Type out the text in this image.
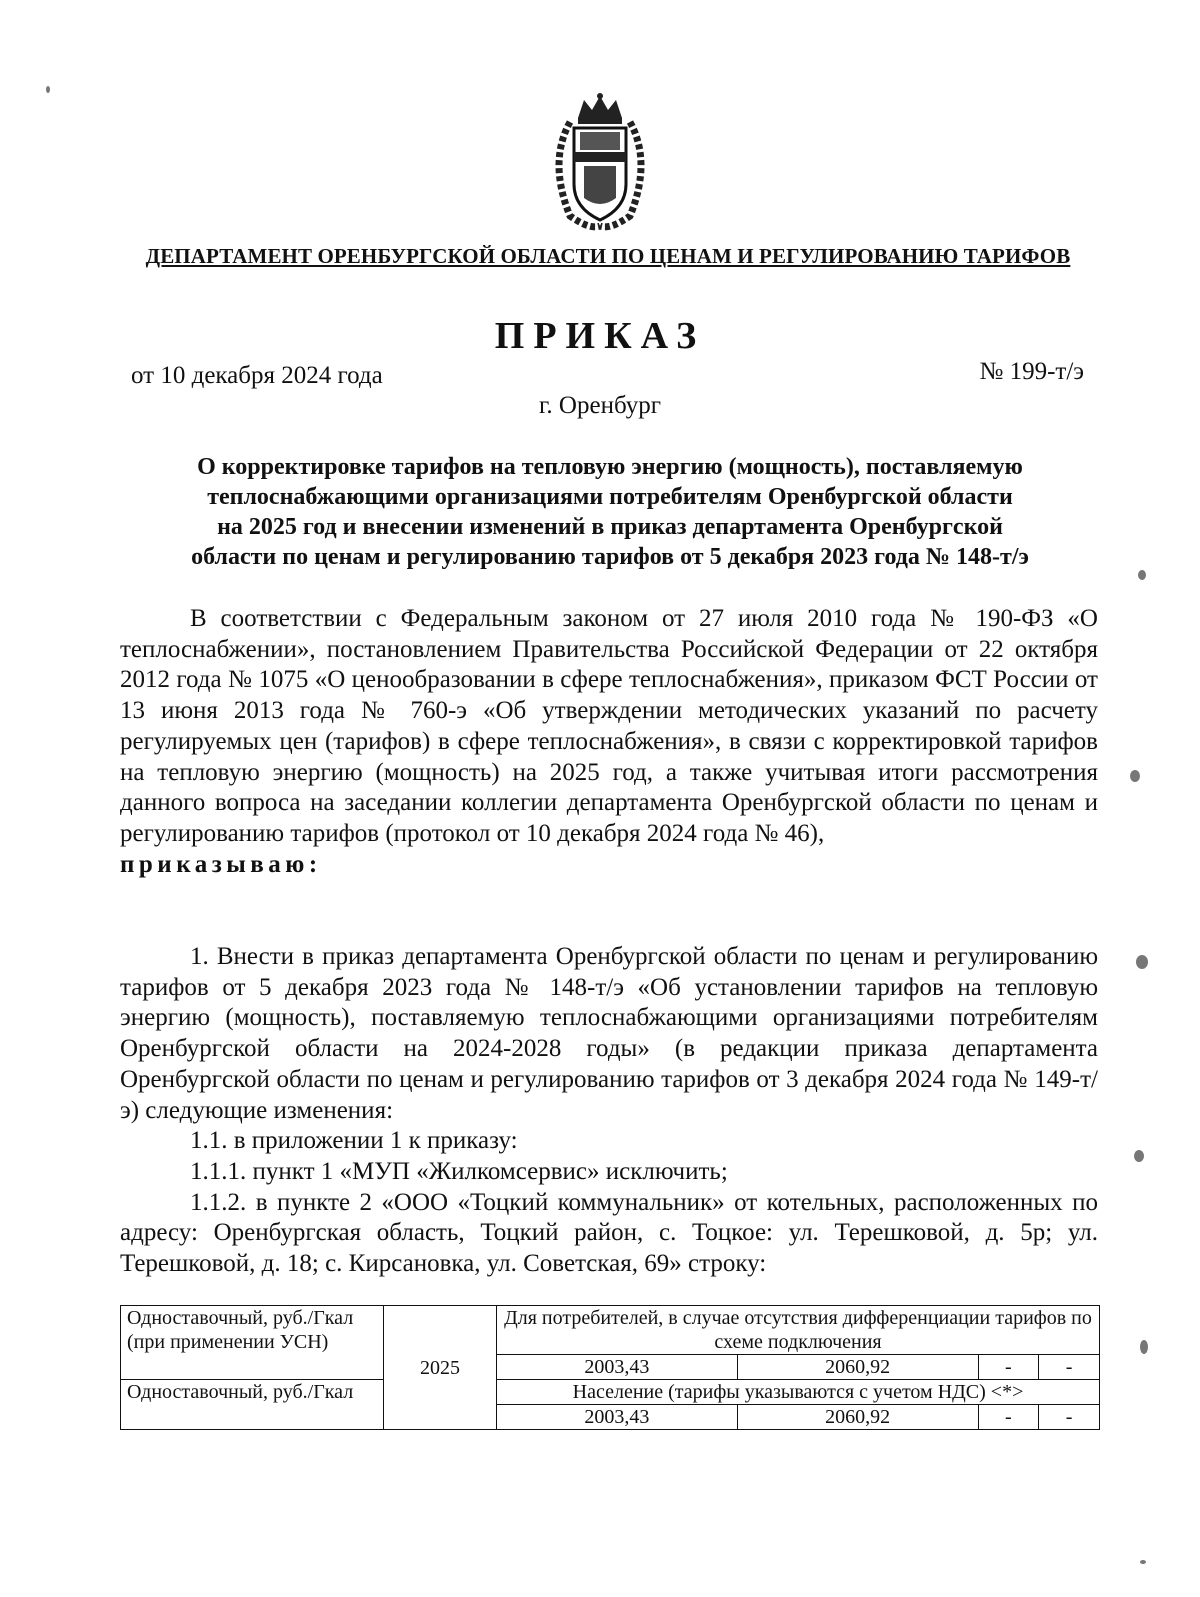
ДЕПАРТАМЕНТ ОРЕНБУРГСКОЙ ОБЛАСТИ ПО ЦЕНАМ И РЕГУЛИРОВАНИЮ ТАРИФОВ
ПРИКАЗ
от 10 декабря 2024 года	№ 199-т/э
г. Оренбург
О корректировке тарифов на тепловую энергию (мощность), поставляемую
теплоснабжающими организациями потребителям Оренбургской области
на 2025 год и внесении изменений в приказ департамента Оренбургской
области по ценам и регулированию тарифов от 5 декабря 2023 года № 148-т/э
В соответствии с Федеральным законом от 27 июля 2010 года № 190-ФЗ «О теплоснабжении», постановлением Правительства Российской Федерации от 22 октября 2012 года № 1075 «О ценообразовании в сфере теплоснабжения», приказом ФСТ России от 13 июня 2013 года № 760-э «Об утверждении методических указаний по расчету регулируемых цен (тарифов) в сфере теплоснабжения», в связи с корректировкой тарифов на тепловую энергию (мощность) на 2025 год, а также учитывая итоги рассмотрения данного вопроса на заседании коллегии департамента Оренбургской области по ценам и регулированию тарифов (протокол от 10 декабря 2024 года № 46),
приказываю:
1. Внести в приказ департамента Оренбургской области по ценам и регулированию тарифов от 5 декабря 2023 года № 148-т/э «Об установлении тарифов на тепловую энергию (мощность), поставляемую теплоснабжающими организациями потребителям Оренбургской области на 2024-2028 годы» (в редакции приказа департамента Оренбургской области по ценам и регулированию тарифов от 3 декабря 2024 года № 149-т/э) следующие изменения:
1.1. в приложении 1 к приказу:
1.1.1. пункт 1 «МУП «Жилкомсервис» исключить;
1.1.2. в пункте 2 «ООО «Тоцкий коммунальник» от котельных, расположенных по адресу: Оренбургская область, Тоцкий район, с. Тоцкое: ул. Терешковой, д. 5р; ул. Терешковой, д. 18; с. Кирсановка, ул. Советская, 69» строку:
Одноставочный, руб./Гкал (при применении УСН)	2025	Для потребителей, в случае отсутствия дифференциации тарифов по схеме подключения			
		2003,43	2060,92	-	-
Одноставочный, руб./Гкал		Население (тарифы указываются с учетом НДС) <*>			
		2003,43	2060,92	-	-
